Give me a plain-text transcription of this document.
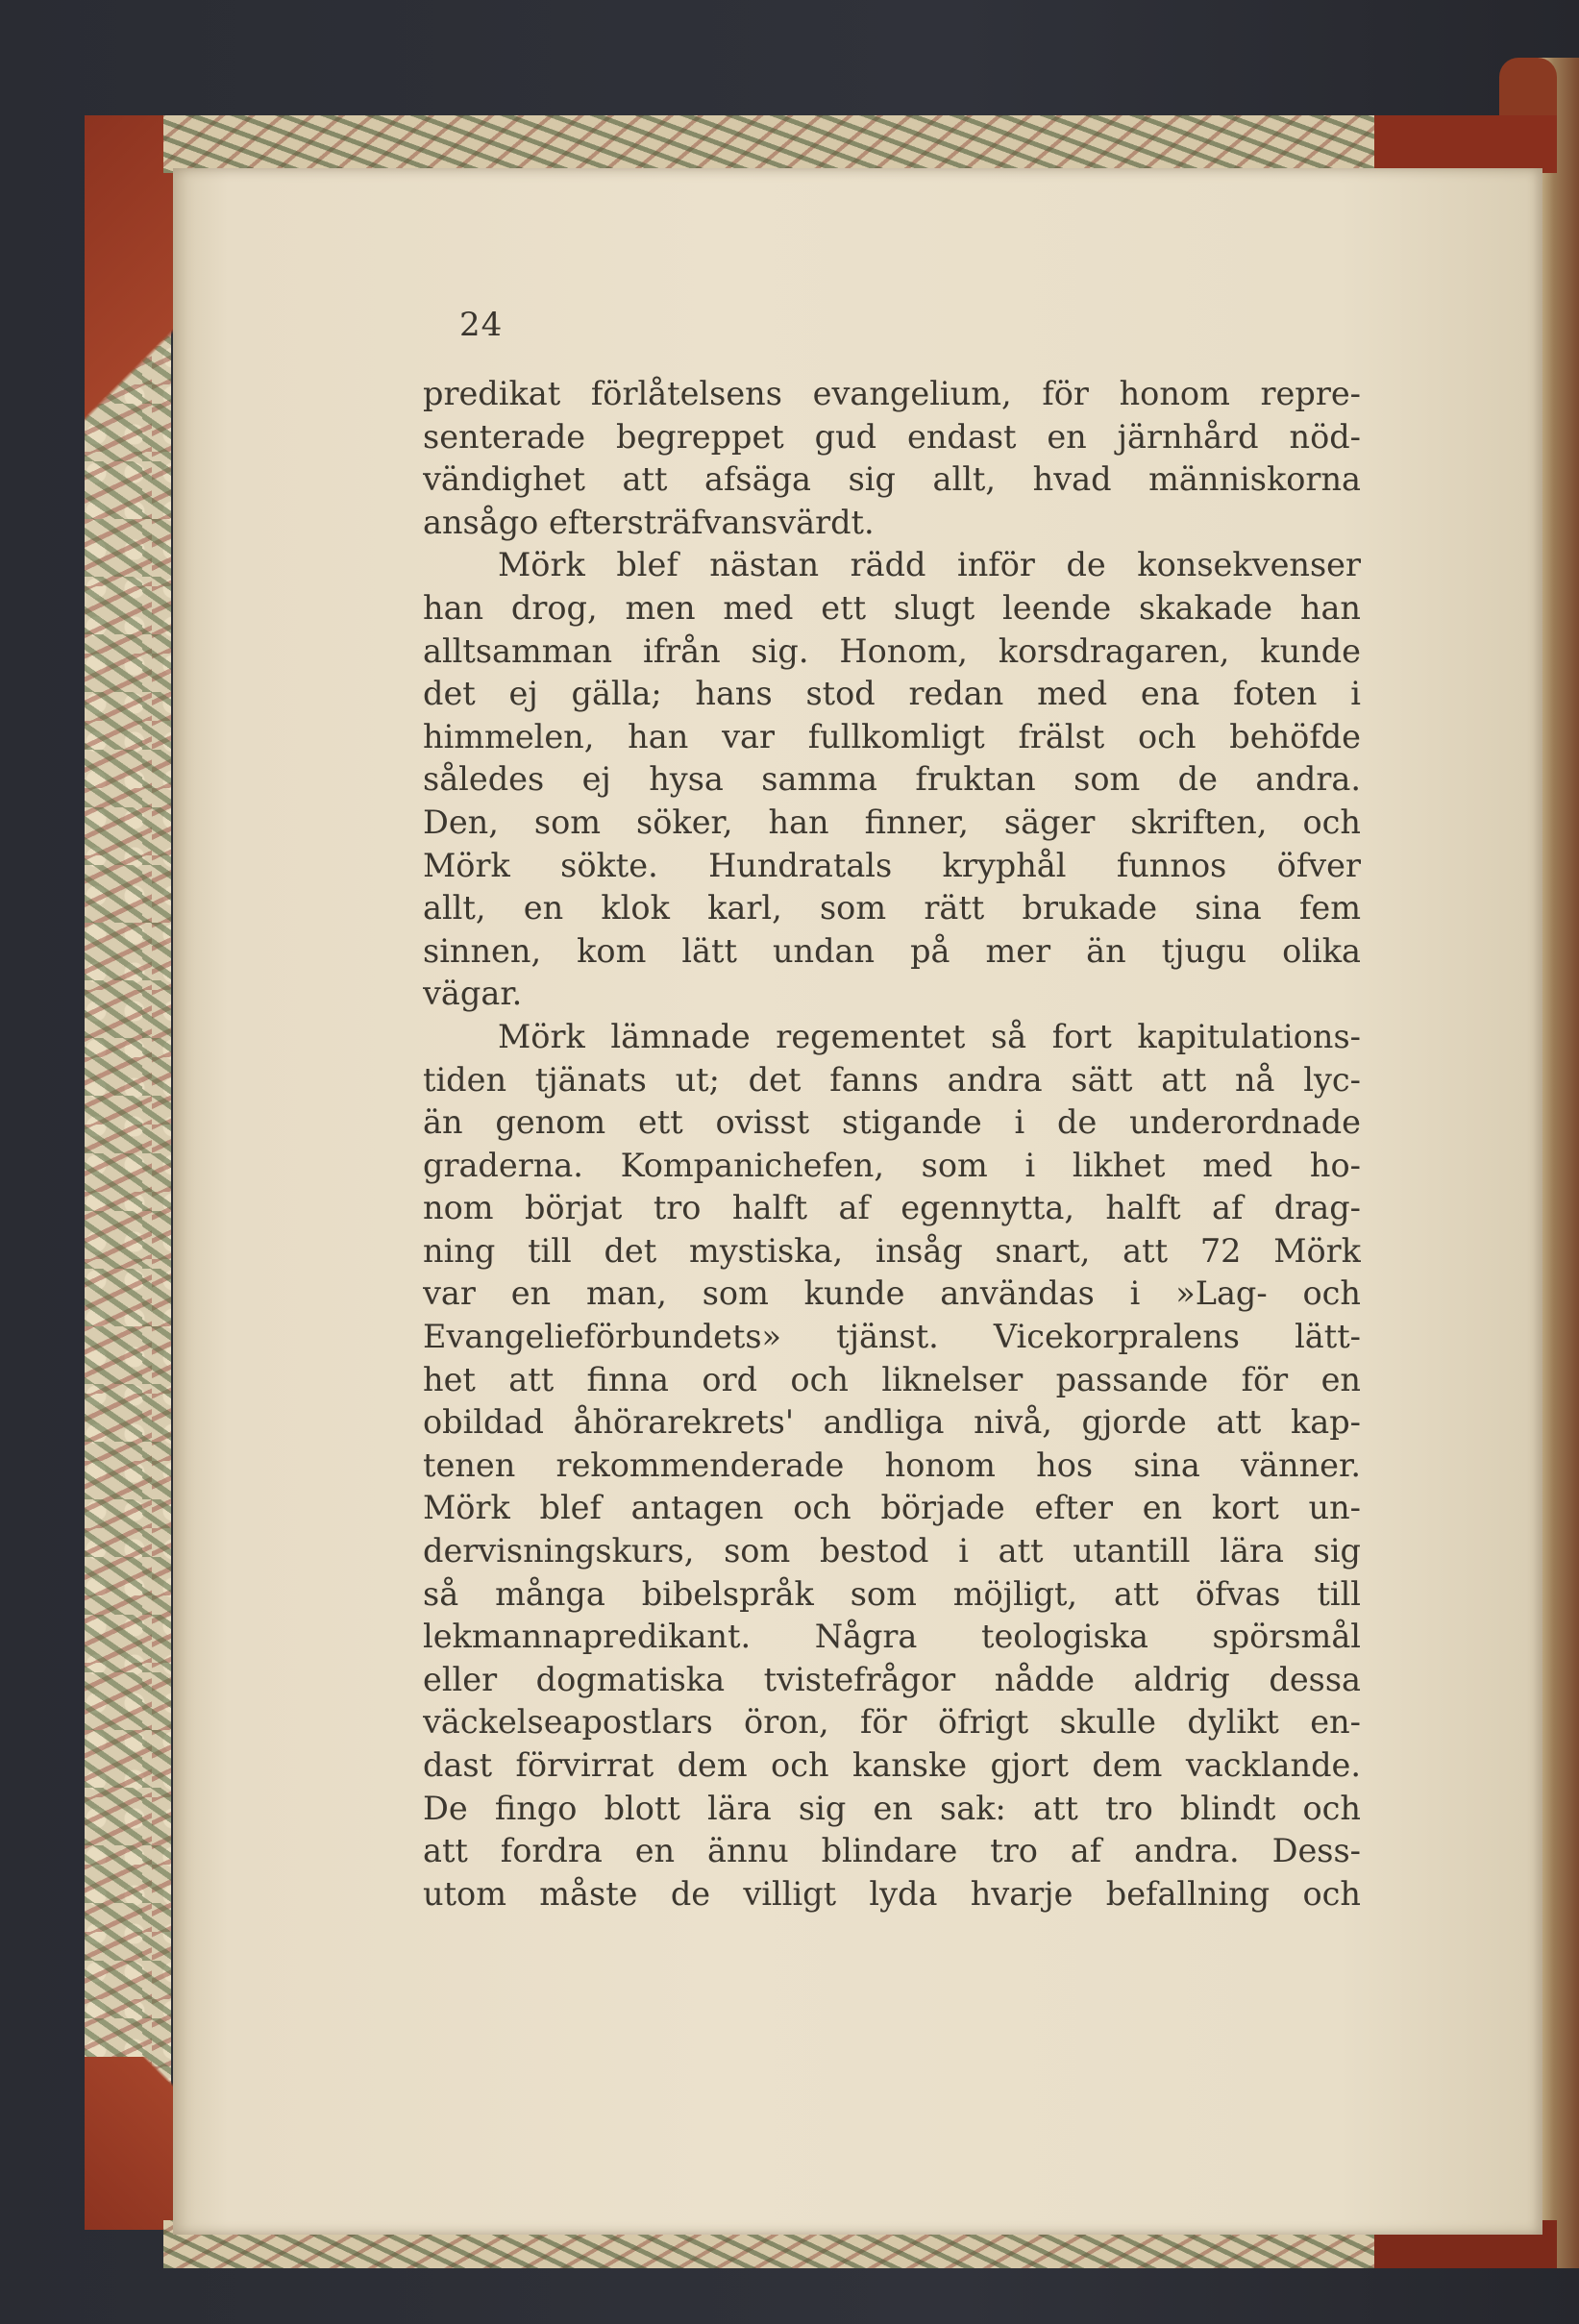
24
predikat förlåtelsens evangelium, för honom repre-
senterade begreppet gud endast en järnhård nöd-
vändighet att afsäga sig allt, hvad människorna
ansågo eftersträfvansvärdt.
Mörk blef nästan rädd inför de konsekvenser
han drog, men med ett slugt leende skakade han
alltsamman ifrån sig. Honom, korsdragaren, kunde
det ej gälla; hans stod redan med ena foten i
himmelen, han var fullkomligt frälst och behöfde
således ej hysa samma fruktan som de andra.
Den, som söker, han finner, säger skriften, och
Mörk sökte. Hundratals kryphål funnos öfver
allt, en klok karl, som rätt brukade sina fem
sinnen, kom lätt undan på mer än tjugu olika
vägar.
Mörk lämnade regementet så fort kapitulations-
tiden tjänats ut; det fanns andra sätt att nå lyc-
än genom ett ovisst stigande i de underordnade
graderna. Kompanichefen, som i likhet med ho-
nom börjat tro halft af egennytta, halft af drag-
ning till det mystiska, insåg snart, att 72 Mörk
var en man, som kunde användas i »Lag- och
Evangelieförbundets» tjänst. Vicekorpralens lätt-
het att finna ord och liknelser passande för en
obildad åhörarekrets' andliga nivå, gjorde att kap-
tenen rekommenderade honom hos sina vänner.
Mörk blef antagen och började efter en kort un-
dervisningskurs, som bestod i att utantill lära sig
så många bibelspråk som möjligt, att öfvas till
lekmannapredikant. Några teologiska spörsmål
eller dogmatiska tvistefrågor nådde aldrig dessa
väckelseapostlars öron, för öfrigt skulle dylikt en-
dast förvirrat dem och kanske gjort dem vacklande.
De fingo blott lära sig en sak: att tro blindt och
att fordra en ännu blindare tro af andra. Dess-
utom måste de villigt lyda hvarje befallning och
